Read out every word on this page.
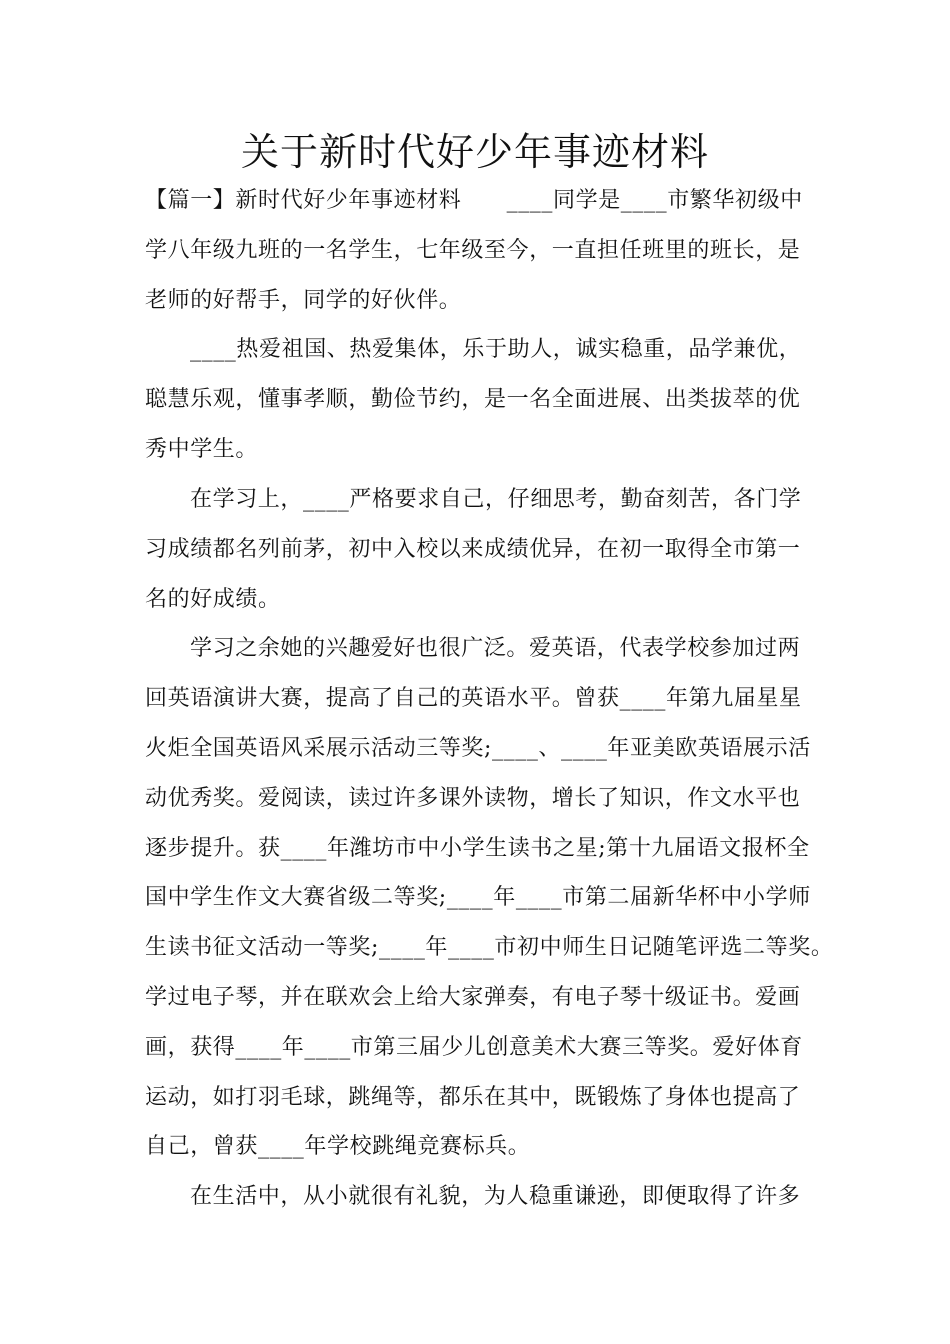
关于新时代好少年事迹材料
【篇一】新时代好少年事迹材料　　____同学是____市繁华初级中
学八年级九班的一名学生，七年级至今，一直担任班里的班长，是
老师的好帮手，同学的好伙伴。
____热爱祖国、热爱集体，乐于助人，诚实稳重，品学兼优，
聪慧乐观，懂事孝顺，勤俭节约，是一名全面进展、出类拔萃的优
秀中学生。
在学习上，____严格要求自己，仔细思考，勤奋刻苦，各门学
习成绩都名列前茅，初中入校以来成绩优异，在初一取得全市第一
名的好成绩。
学习之余她的兴趣爱好也很广泛。爱英语，代表学校参加过两
回英语演讲大赛，提高了自己的英语水平。曾获____年第九届星星
火炬全国英语风采展示活动三等奖;____、____年亚美欧英语展示活
动优秀奖。爱阅读，读过许多课外读物，增长了知识，作文水平也
逐步提升。获____年潍坊市中小学生读书之星;第十九届语文报杯全
国中学生作文大赛省级二等奖;____年____市第二届新华杯中小学师
生读书征文活动一等奖;____年____市初中师生日记随笔评选二等奖。
学过电子琴，并在联欢会上给大家弹奏，有电子琴十级证书。爱画
画，获得____年____市第三届少儿创意美术大赛三等奖。爱好体育
运动，如打羽毛球，跳绳等，都乐在其中，既锻炼了身体也提高了
自己，曾获____年学校跳绳竞赛标兵。
在生活中，从小就很有礼貌，为人稳重谦逊，即便取得了许多
